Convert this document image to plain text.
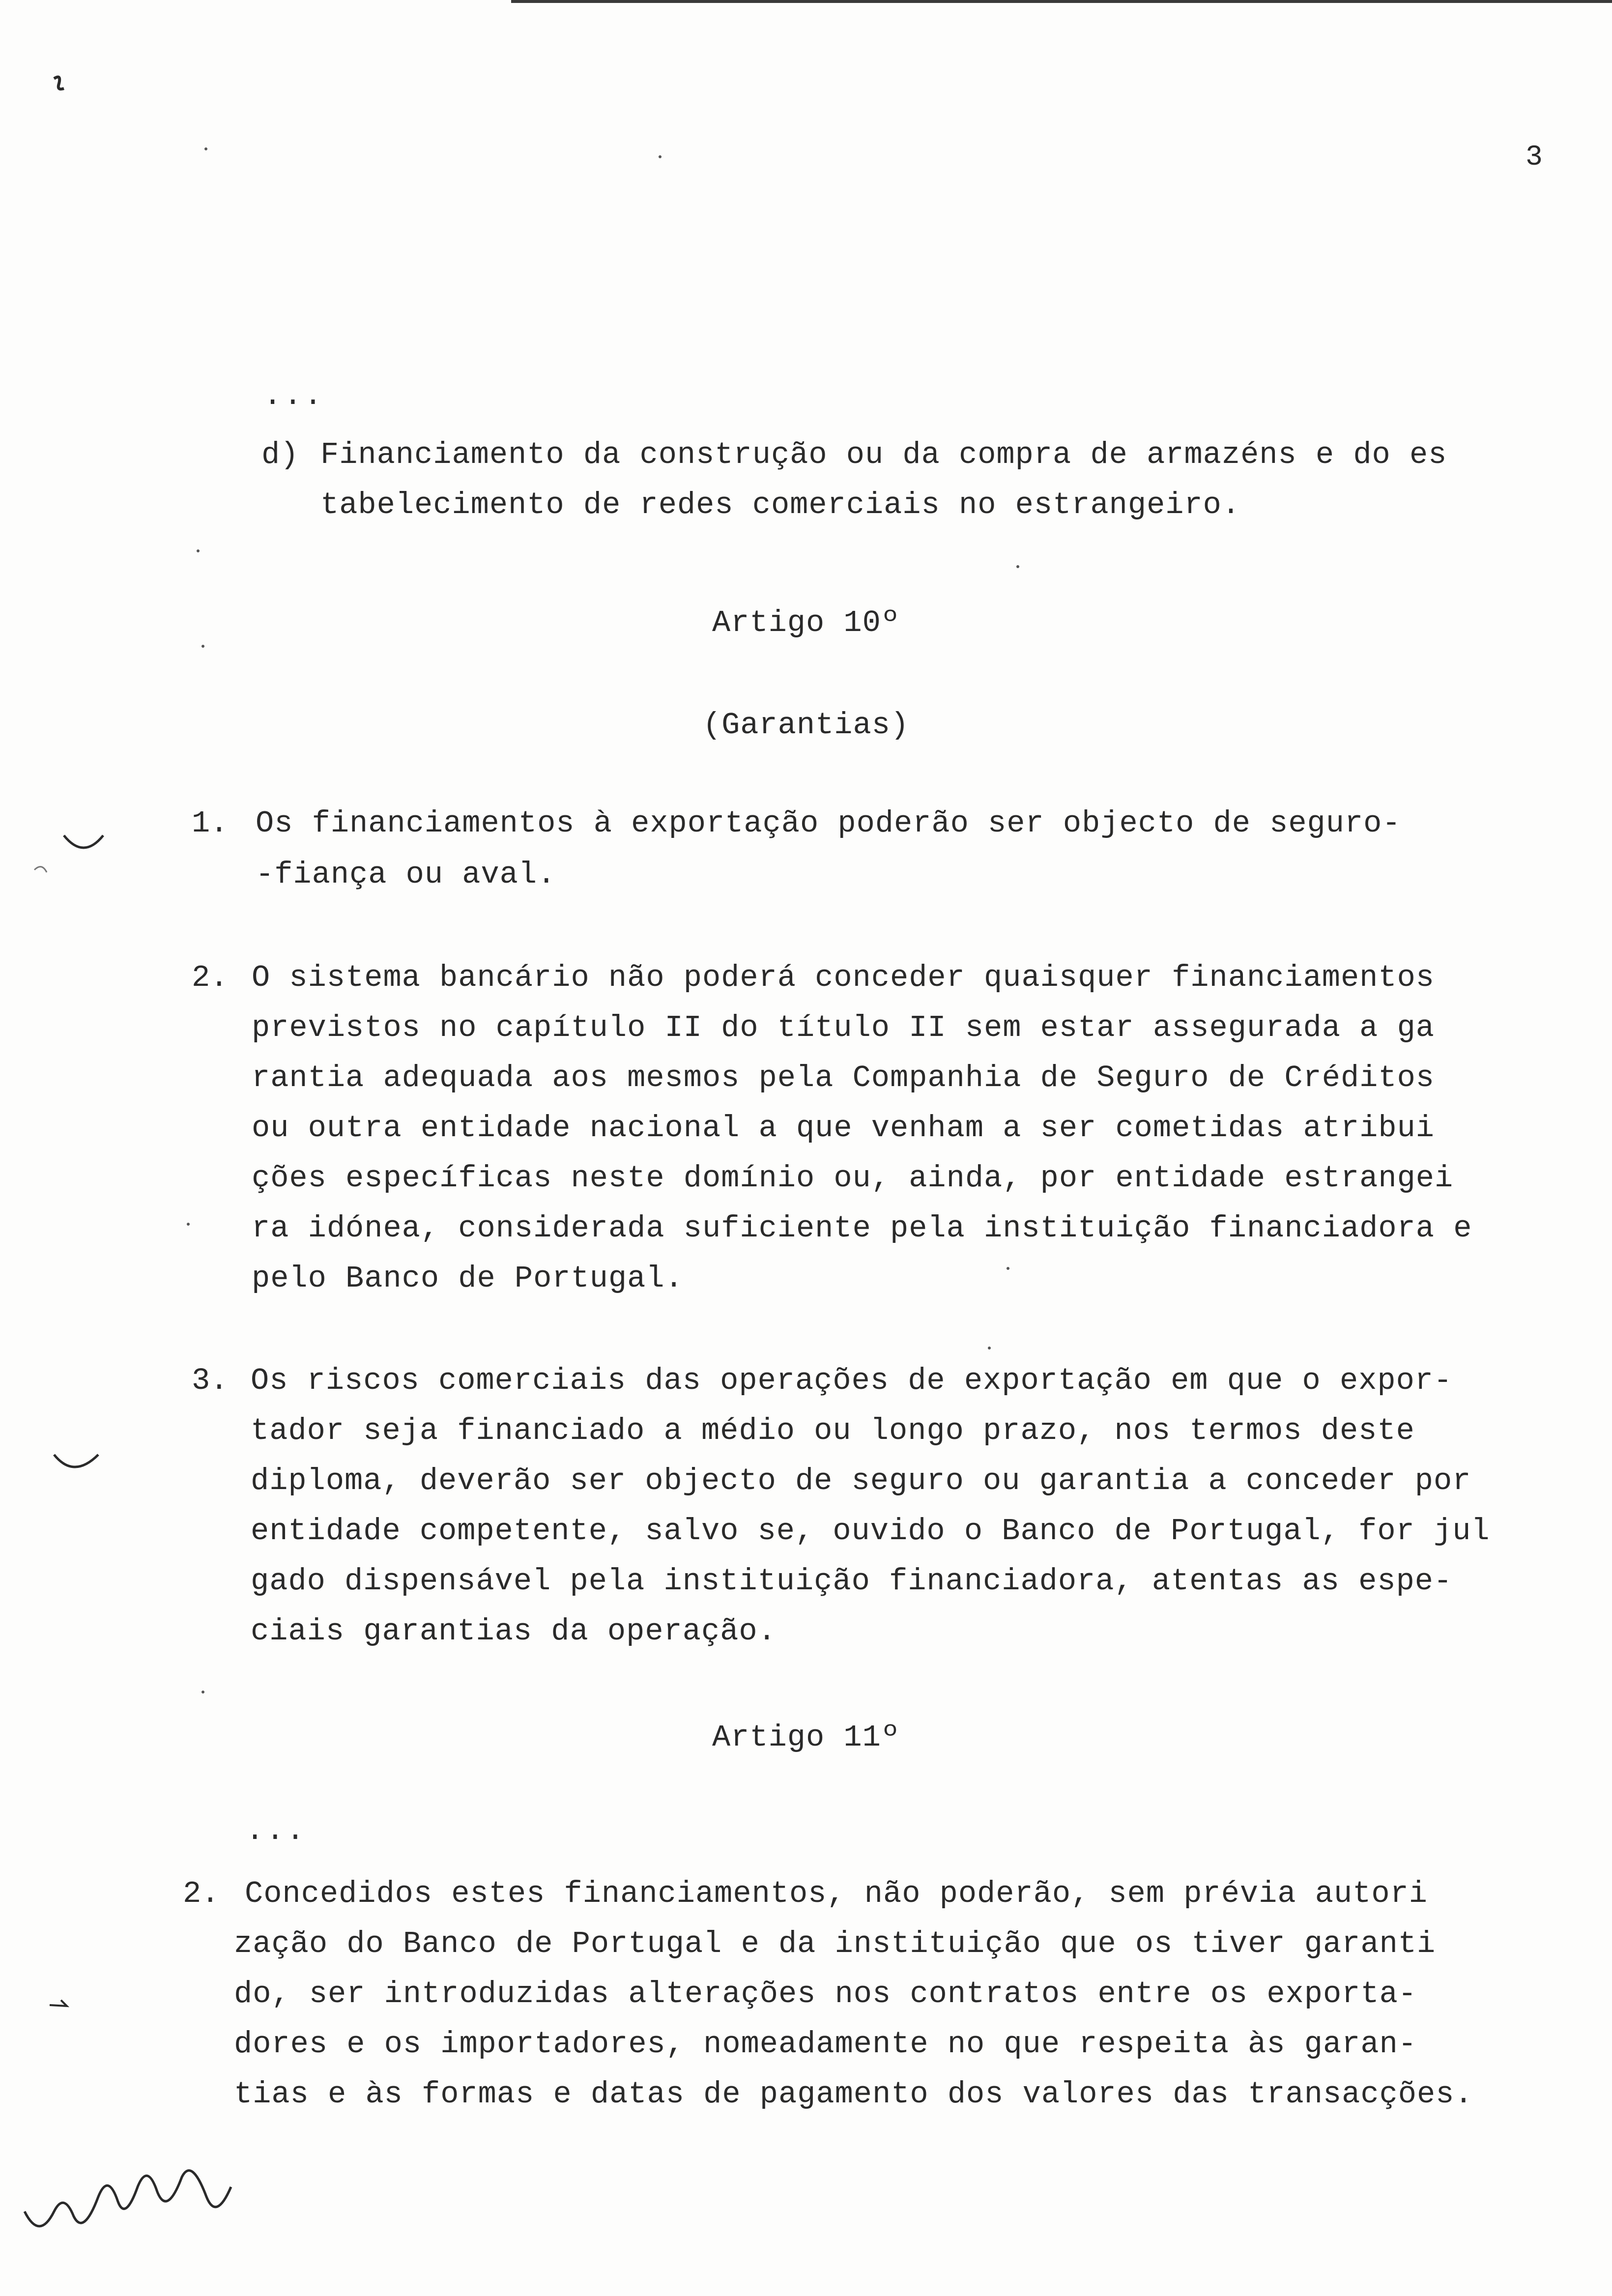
3
...
d) Financiamento da construção ou da compra de armazéns e do es
tabelecimento de redes comerciais no estrangeiro.
Artigo 10º
(Garantias)
1. Os financiamentos à exportação poderão ser objecto de seguro-
-fiança ou aval.
2. O sistema bancário não poderá conceder quaisquer financiamentos
previstos no capítulo II do título II sem estar assegurada a ga
rantia adequada aos mesmos pela Companhia de Seguro de Créditos
ou outra entidade nacional a que venham a ser cometidas atribui
ções específicas neste domínio ou, ainda, por entidade estrangei
ra idónea, considerada suficiente pela instituição financiadora e
pelo Banco de Portugal.
3. Os riscos comerciais das operações de exportação em que o expor-
tador seja financiado a médio ou longo prazo, nos termos deste
diploma, deverão ser objecto de seguro ou garantia a conceder por
entidade competente, salvo se, ouvido o Banco de Portugal, for jul
gado dispensável pela instituição financiadora, atentas as espe-
ciais garantias da operação.
Artigo 11º
...
2. Concedidos estes financiamentos, não poderão, sem prévia autori
zação do Banco de Portugal e da instituição que os tiver garanti
do, ser introduzidas alterações nos contratos entre os exporta-
dores e os importadores, nomeadamente no que respeita às garan-
tias e às formas e datas de pagamento dos valores das transacções.
